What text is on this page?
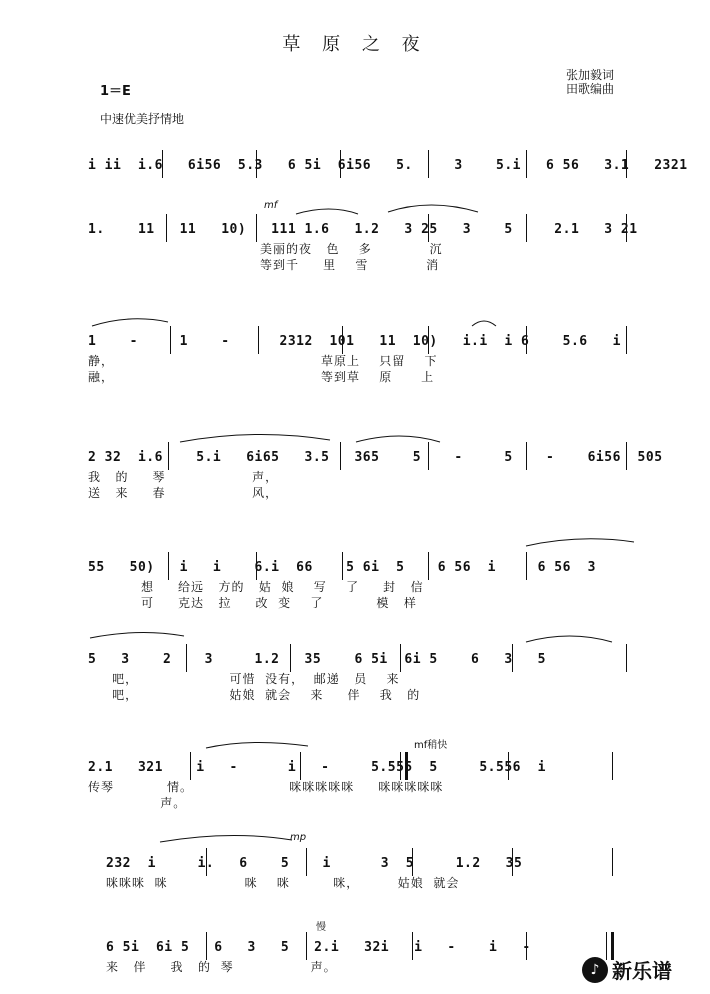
草 原 之 夜
张加毅词
田歌编曲
1＝E
中速优美抒情地
i ii  i.6   6i56  5.3   6 5i  6i56   5.     3    5.i   6 56   3.1   2321
mf
1.    11   11   10)   111 1.6   1.2   3 25   3    5     2.1   3 21
美丽的夜   色    多            沉
等到千     里    雪            消
1    -     1    -      2312  101   11  10)   i.i  i 6    5.6   i
静，                                           草原上    只留    下
融，                                           等到草    原      上
2 32  i.6    5.i   6i65   3.5   365    5    -     5    -    6i56  505
我   的     琴                  声，
送   来     春                  风，
55   50)   i   i    6.i  66    5 6i  5    6 56  i     6 56  3
想     给远   方的   姑  娘    写    了     封   信
可     克达   拉     改  变    了           模   样
5   3    2    3     1.2   35    6 5i  6i 5    6   3   5
吧，                   可惜  没有，  邮递   员    来
吧，                   姑娘  就会    来     伴    我   的
mf稍快
2.1   321    i   -      i   -     5.555  5     5.556  i
传琴           情。                    咪咪咪咪咪     咪咪咪咪咪
声。
mp
232  i     i.   6    5    i      3  5     1.2   35
咪咪咪  咪                咪    咪         咪，        姑娘  就会
慢
6 5i  6i 5   6   3   5   2.i   32i   i   -    i   -
来   伴     我   的  琴                声。	♪ 新乐谱
